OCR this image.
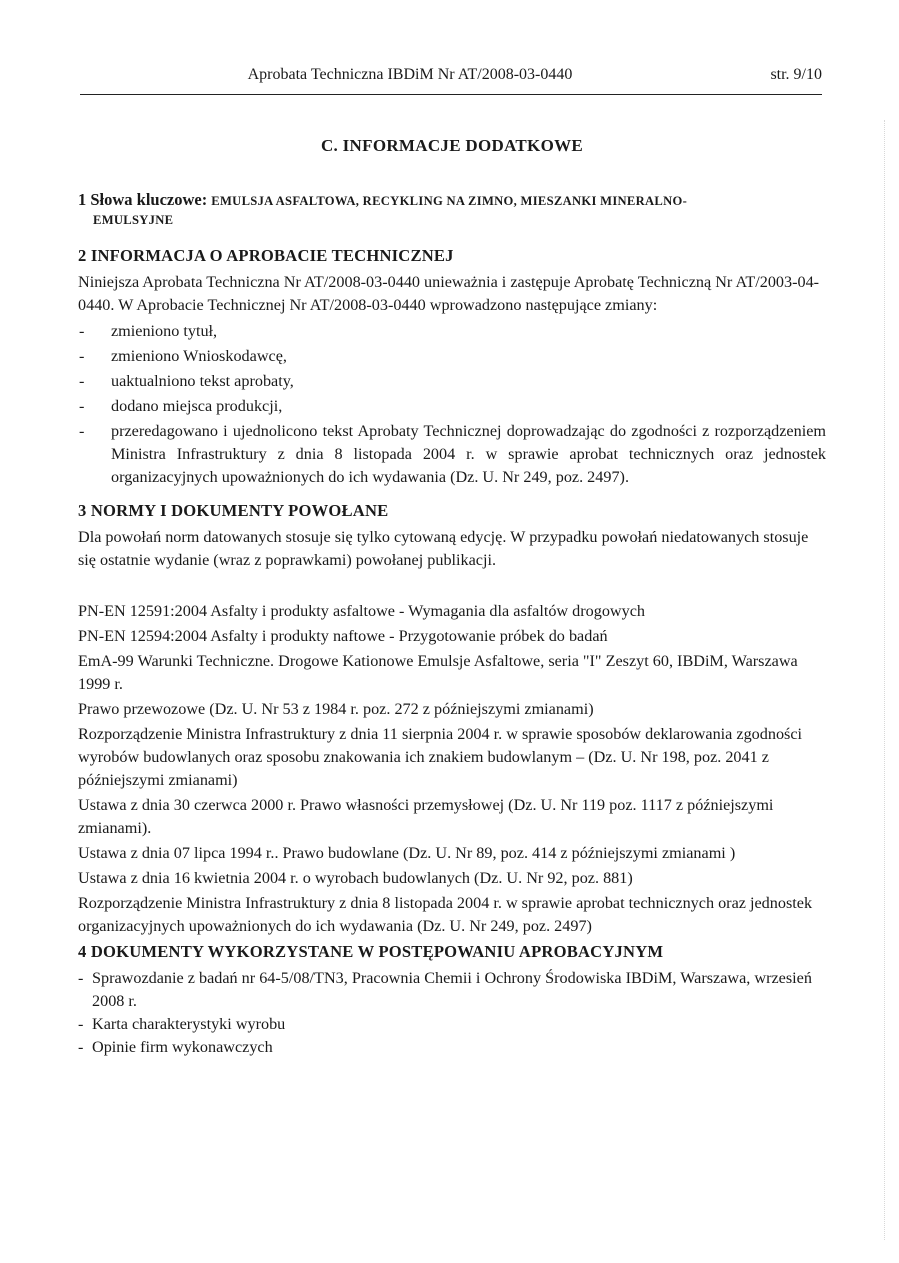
Aprobata Techniczna IBDiM Nr AT/2008-03-0440	str. 9/10
C. INFORMACJE DODATKOWE
1 Słowa kluczowe: EMULSJA ASFALTOWA, RECYKLING NA ZIMNO, MIESZANKI MINERALNO-
EMULSYJNE
2 INFORMACJA O APROBACIE TECHNICZNEJ

Niniejsza Aprobata Techniczna Nr AT/2008-03-0440 unieważnia i zastępuje Aprobatę Techniczną Nr AT/2003-04-0440. W Aprobacie Technicznej Nr AT/2008-03-0440 wprowadzono następujące zmiany:

- zmieniono tytuł,
- zmieniono Wnioskodawcę,
- uaktualniono tekst aprobaty,
- dodano miejsca produkcji,
- przeredagowano i ujednolicono tekst Aprobaty Technicznej doprowadzając do zgodności z rozporządzeniem Ministra Infrastruktury z dnia 8 listopada 2004 r. w sprawie aprobat technicznych oraz jednostek organizacyjnych upoważnionych do ich wydawania (Dz. U. Nr 249, poz. 2497).
3 NORMY I DOKUMENTY POWOŁANE

Dla powołań norm datowanych stosuje się tylko cytowaną edycję. W przypadku powołań niedatowanych stosuje się ostatnie wydanie (wraz z poprawkami) powołanej publikacji.

PN-EN 12591:2004 Asfalty i produkty asfaltowe - Wymagania dla asfaltów drogowych

PN-EN 12594:2004 Asfalty i produkty naftowe - Przygotowanie próbek do badań

EmA-99 Warunki Techniczne. Drogowe Kationowe Emulsje Asfaltowe, seria "I" Zeszyt 60, IBDiM, Warszawa 1999 r.

Prawo przewozowe (Dz. U. Nr 53 z 1984 r. poz. 272 z późniejszymi zmianami)

Rozporządzenie Ministra Infrastruktury z dnia 11 sierpnia 2004 r. w sprawie sposobów deklarowania zgodności wyrobów budowlanych oraz sposobu znakowania ich znakiem budowlanym – (Dz. U. Nr 198, poz. 2041 z późniejszymi zmianami)

Ustawa z dnia 30 czerwca 2000 r. Prawo własności przemysłowej (Dz. U. Nr 119 poz. 1117 z późniejszymi zmianami).

Ustawa z dnia 07 lipca 1994 r.. Prawo budowlane (Dz. U. Nr 89, poz. 414 z późniejszymi zmianami )

Ustawa z dnia 16 kwietnia 2004 r. o wyrobach budowlanych (Dz. U. Nr 92, poz. 881)

Rozporządzenie Ministra Infrastruktury z dnia 8 listopada 2004 r. w sprawie aprobat technicznych oraz jednostek organizacyjnych upoważnionych do ich wydawania (Dz. U. Nr 249, poz. 2497)

4 DOKUMENTY WYKORZYSTANE W POSTĘPOWANIU APROBACYJNYM
- Sprawozdanie z badań nr 64-5/08/TN3, Pracownia Chemii i Ochrony Środowiska IBDiM, Warszawa, wrzesień 2008 r.
- Karta charakterystyki wyrobu
- Opinie firm wykonawczych
